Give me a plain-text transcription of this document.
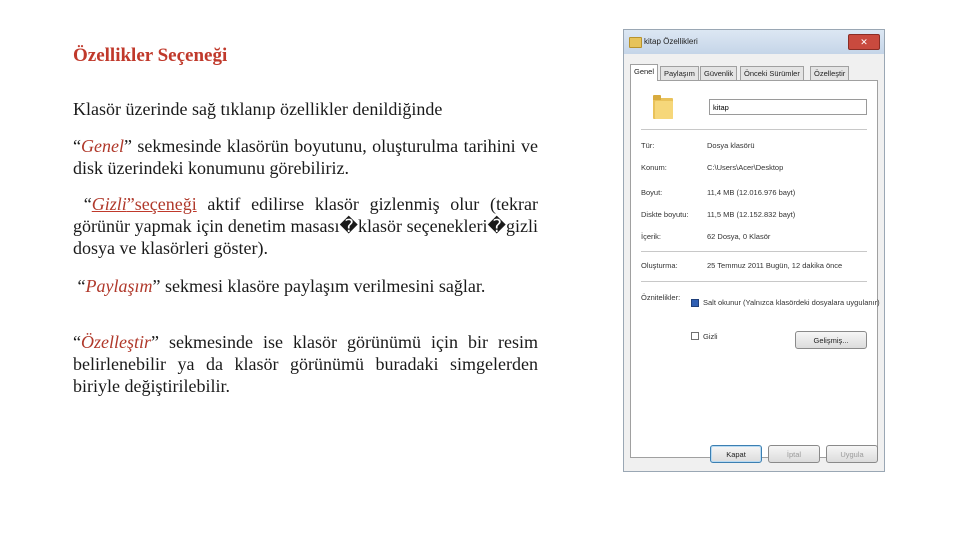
Özellikler Seçeneği

Klasör üzerinde sağ tıklanıp özellikler denildiğinde

“Genel” sekmesinde klasörün boyutunu, oluşturulma tarihini ve disk üzerindeki konumunu görebiliriz.

“Gizli”seçeneği aktif edilirse klasör gizlenmiş olur (tekrar görünür yapmak için denetim masası�klasör seçenekleri�gizli dosya ve klasörleri göster).

“Paylaşım” sekmesi klasöre paylaşım verilmesini sağlar.

“Özelleştir” sekmesinde ise klasör görünümü için bir resim belirlenebilir ya da klasör görünümü buradaki simgelerden biriyle değiştirilebilir.

kitap Özellikleri	✕
Genel	Paylaşım	Güvenlik	Önceki Sürümler	Özelleştir
kitap
Tür:	Dosya klasörü
Konum:	C:\Users\Acer\Desktop
Boyut:	11,4 MB (12.016.976 bayt)
Diskte boyutu: 11,5 MB (12.152.832 bayt)
İçerik:	62 Dosya, 0 Klasör
Oluşturma:	25 Temmuz 2011 Bugün, 12 dakika önce
Öznitelikler:
Salt okunur (Yalnızca klasördeki dosyalara uygulanır)
Gizli	Gelişmiş...
Kapat	İptal	Uygula
